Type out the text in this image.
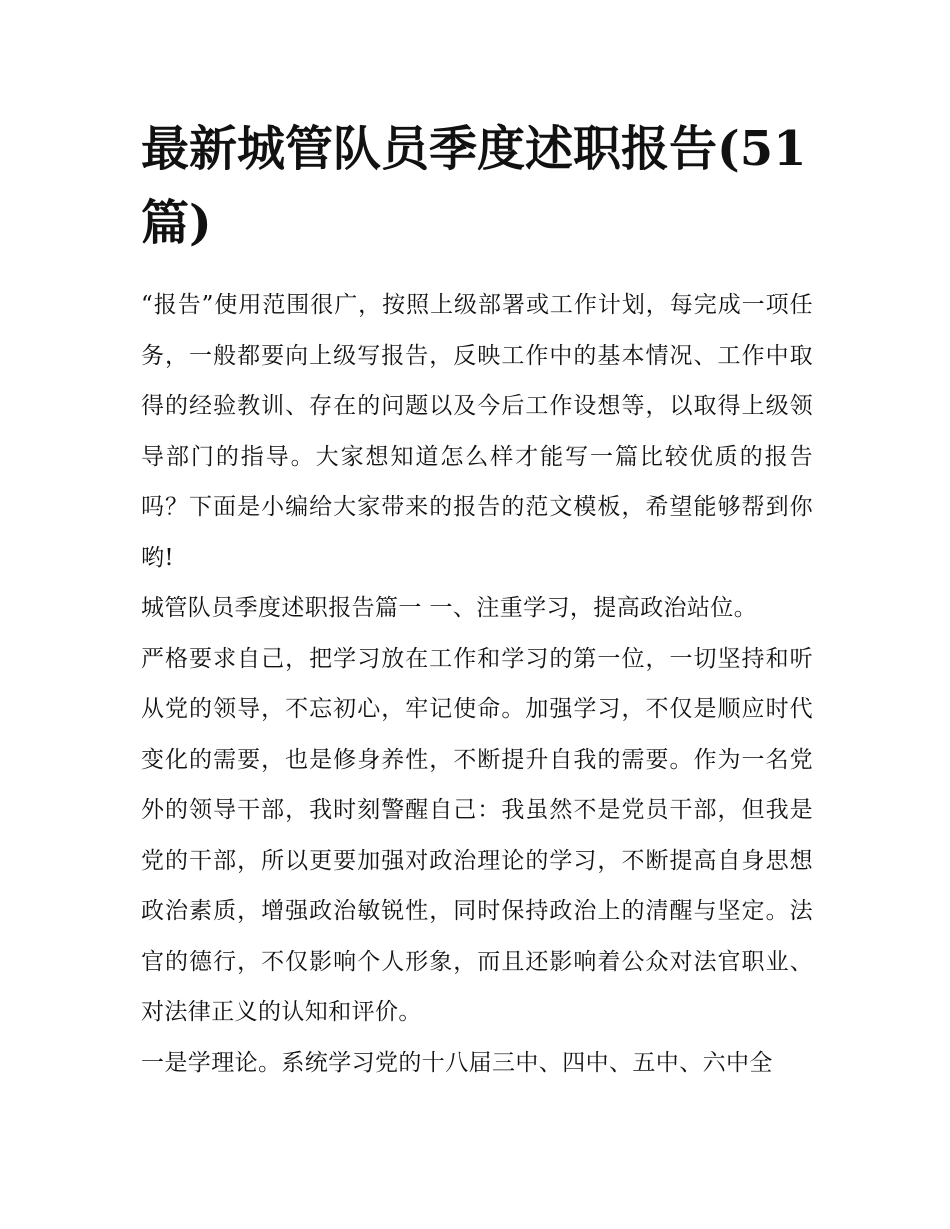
最新城管队员季度述职报告(51篇)

“报告”使用范围很广，按照上级部署或工作计划，每完成一项任务，一般都要向上级写报告，反映工作中的基本情况、工作中取得的经验教训、存在的问题以及今后工作设想等，以取得上级领导部门的指导。大家想知道怎么样才能写一篇比较优质的报告吗？下面是小编给大家带来的报告的范文模板，希望能够帮到你哟!

城管队员季度述职报告篇一 一、注重学习，提高政治站位。

严格要求自己，把学习放在工作和学习的第一位，一切坚持和听从党的领导，不忘初心，牢记使命。加强学习，不仅是顺应时代变化的需要，也是修身养性，不断提升自我的需要。作为一名党外的领导干部，我时刻警醒自己：我虽然不是党员干部，但我是党的干部，所以更要加强对政治理论的学习，不断提高自身思想政治素质，增强政治敏锐性，同时保持政治上的清醒与坚定。法官的德行，不仅影响个人形象，而且还影响着公众对法官职业、对法律正义的认知和评价。

一是学理论。系统学习党的十八届三中、四中、五中、六中全
